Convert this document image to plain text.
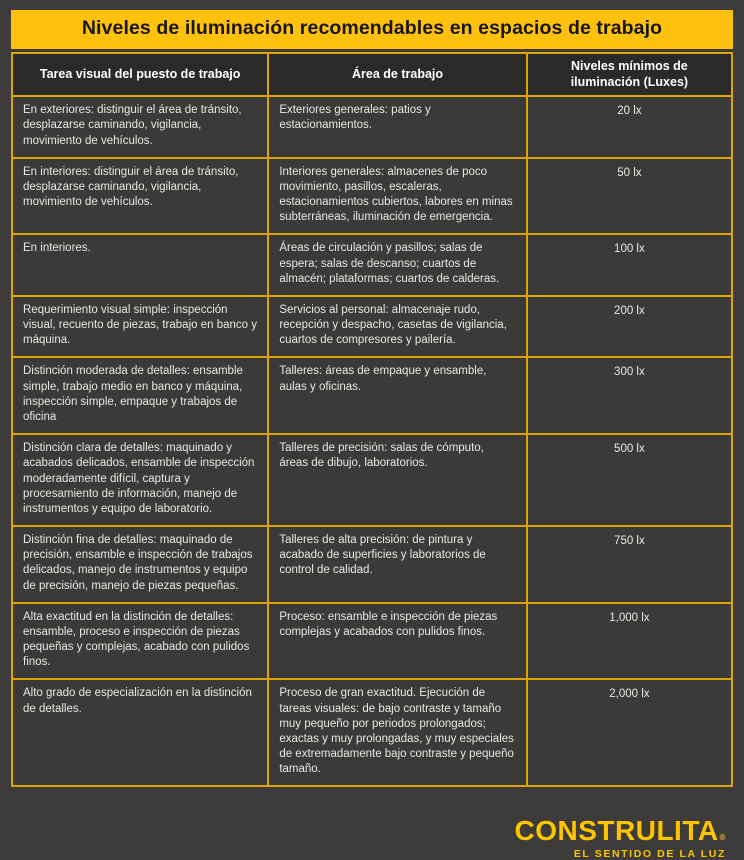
Niveles de iluminación recomendables en espacios de trabajo
Tarea visual del puesto de trabajo	Área de trabajo	Niveles mínimos de iluminación (Luxes)
En exteriores: distinguir el área de tránsito, desplazarse caminando, vigilancia, movimiento de vehículos.	Exteriores generales: patios y estacionamientos.	20 lx
En interiores: distinguir el área de tránsito, desplazarse caminando, vigilancia, movimiento de vehículos.	Interiores generales: almacenes de poco movimiento, pasillos, escaleras, estacionamientos cubiertos, labores en minas subterráneas, iluminación de emergencia.	50 lx
En interiores.	Áreas de circulación y pasillos; salas de espera; salas de descanso; cuartos de almacén; plataformas; cuartos de calderas.	100 lx
Requerimiento visual simple: inspección visual, recuento de piezas, trabajo en banco y máquina.	Servicios al personal: almacenaje rudo, recepción y despacho, casetas de vigilancia, cuartos de compresores y pailería.	200 lx
Distinción moderada de detalles: ensamble simple, trabajo medio en banco y máquina, inspección simple, empaque y trabajos de oficina	Talleres: áreas de empaque y ensamble, aulas y oficinas.	300 lx
Distinción clara de detalles: maquinado y acabados delicados, ensamble de inspección moderadamente difícil, captura y procesamiento de información, manejo de instrumentos y equipo de laboratorio.	Talleres de precisión: salas de cómputo, áreas de dibujo, laboratorios.	500 lx
Distinción fina de detalles: maquinado de precisión, ensamble e inspección de trabajos delicados, manejo de instrumentos y equipo de precisión, manejo de piezas pequeñas.	Talleres de alta precisión: de pintura y acabado de superficies y laboratorios de control de calidad.	750 lx
Alta exactitud en la distinción de detalles: ensamble, proceso e inspección de piezas pequeñas y complejas, acabado con pulidos finos.	Proceso: ensamble e inspección de piezas complejas y acabados con pulidos finos.	1,000 lx
Alto grado de especialización en la distinción de detalles.	Proceso de gran exactitud. Ejecución de tareas visuales: de bajo contraste y tamaño muy pequeño por periodos prolongados; exactas y muy prolongadas, y muy especiales de extremadamente bajo contraste y pequeño tamaño.	2,000 lx
CONSTRULITA®
EL SENTIDO DE LA LUZ
